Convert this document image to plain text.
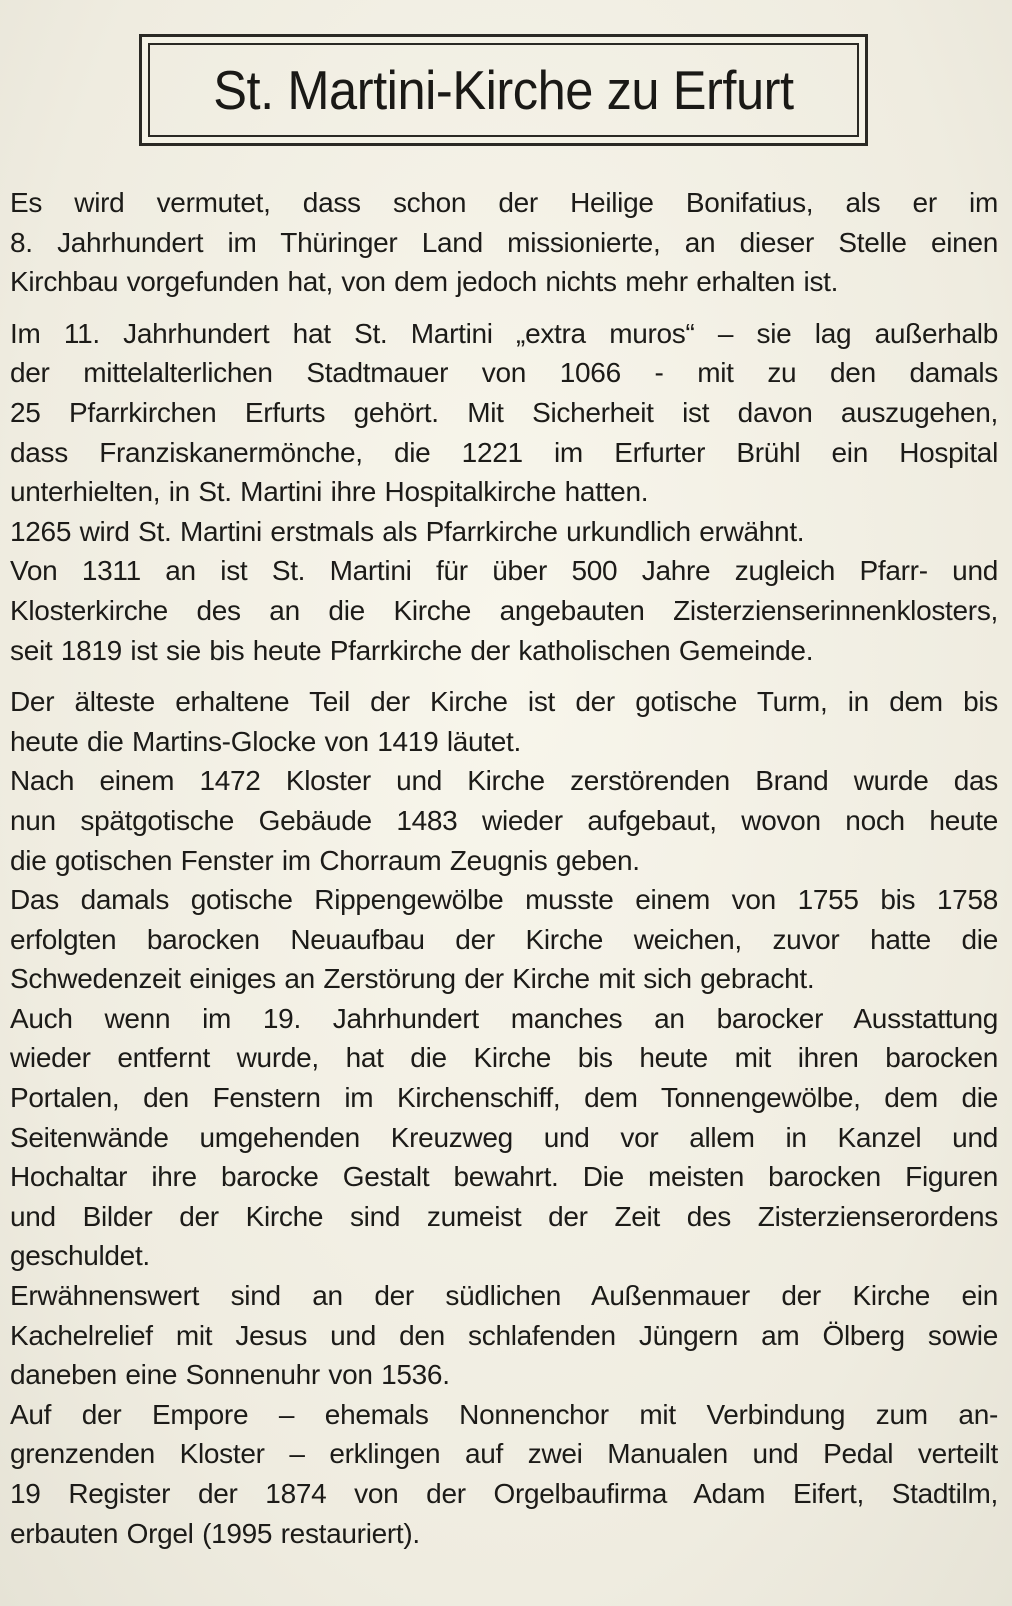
St. Martini-Kirche zu Erfurt
Es wird vermutet, dass schon der Heilige Bonifatius, als er im
8. Jahrhundert im Thüringer Land missionierte, an dieser Stelle einen
Kirchbau vorgefunden hat, von dem jedoch nichts mehr erhalten ist.
Im 11. Jahrhundert hat St. Martini „extra muros“ – sie lag außerhalb
der mittelalterlichen Stadtmauer von 1066 - mit zu den damals
25 Pfarrkirchen Erfurts gehört. Mit Sicherheit ist davon auszugehen,
dass Franziskanermönche, die 1221 im Erfurter Brühl ein Hospital
unterhielten, in St. Martini ihre Hospitalkirche hatten.
1265 wird St. Martini erstmals als Pfarrkirche urkundlich erwähnt.
Von 1311 an ist St. Martini für über 500 Jahre zugleich Pfarr- und
Klosterkirche des an die Kirche angebauten Zisterzienserinnenklosters,
seit 1819 ist sie bis heute Pfarrkirche der katholischen Gemeinde.
Der älteste erhaltene Teil der Kirche ist der gotische Turm, in dem bis
heute die Martins-Glocke von 1419 läutet.
Nach einem 1472 Kloster und Kirche zerstörenden Brand wurde das
nun spätgotische Gebäude 1483 wieder aufgebaut, wovon noch heute
die gotischen Fenster im Chorraum Zeugnis geben.
Das damals gotische Rippengewölbe musste einem von 1755 bis 1758
erfolgten barocken Neuaufbau der Kirche weichen, zuvor hatte die
Schwedenzeit einiges an Zerstörung der Kirche mit sich gebracht.
Auch wenn im 19. Jahrhundert manches an barocker Ausstattung
wieder entfernt wurde, hat die Kirche bis heute mit ihren barocken
Portalen, den Fenstern im Kirchenschiff, dem Tonnengewölbe, dem die
Seitenwände umgehenden Kreuzweg und vor allem in Kanzel und
Hochaltar ihre barocke Gestalt bewahrt. Die meisten barocken Figuren
und Bilder der Kirche sind zumeist der Zeit des Zisterzienserordens
geschuldet.
Erwähnenswert sind an der südlichen Außenmauer der Kirche ein
Kachelrelief mit Jesus und den schlafenden Jüngern am Ölberg sowie
daneben eine Sonnenuhr von 1536.
Auf der Empore – ehemals Nonnenchor mit Verbindung zum an-
grenzenden Kloster – erklingen auf zwei Manualen und Pedal verteilt
19 Register der 1874 von der Orgelbaufirma Adam Eifert, Stadtilm,
erbauten Orgel (1995 restauriert).
